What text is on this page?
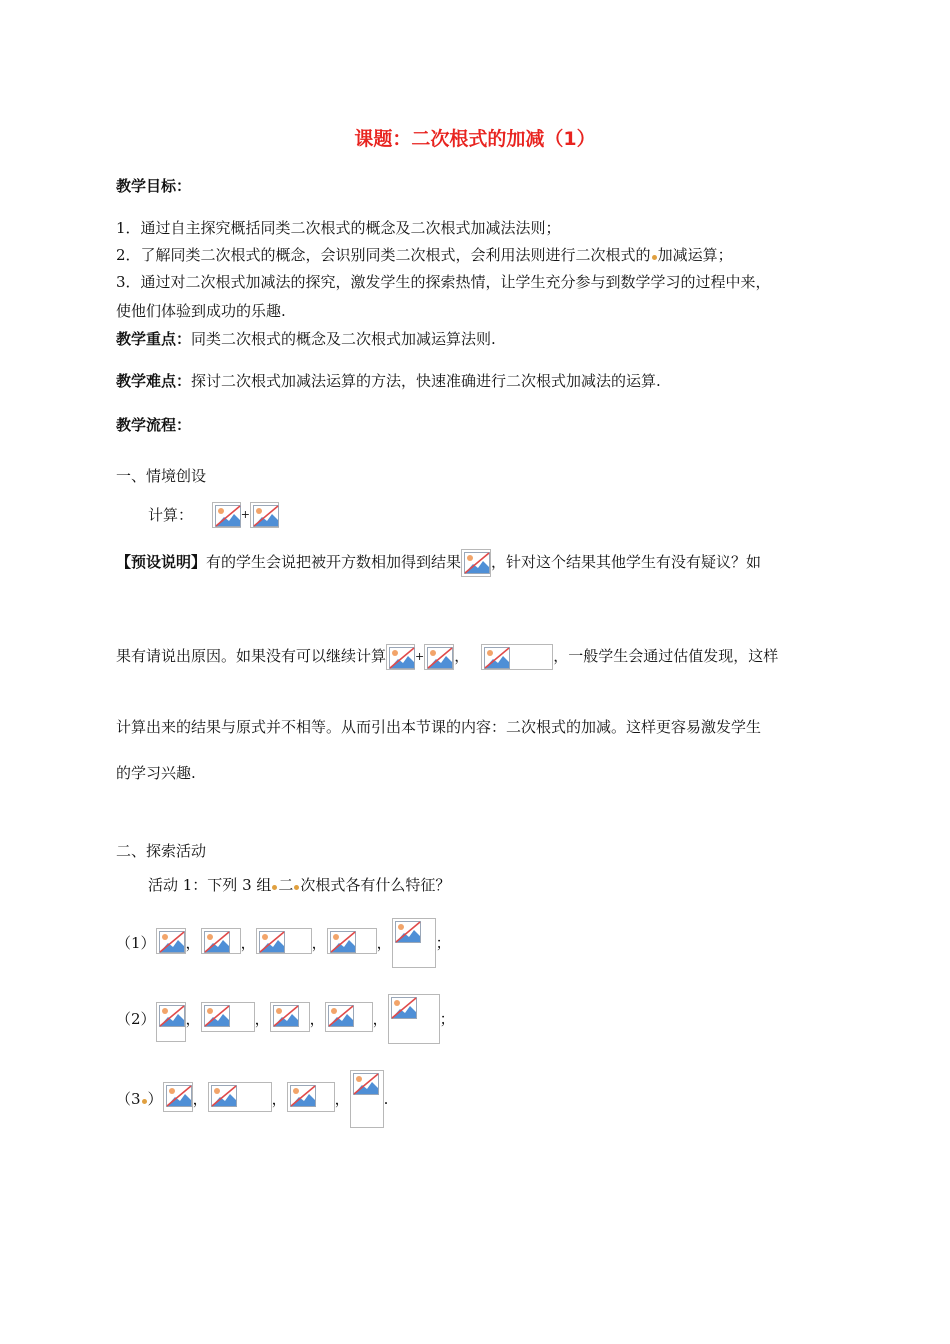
课题：二次根式的加减（1）
教学目标：
1．通过自主探究概括同类二次根式的概念及二次根式加减法法则；
2．了解同类二次根式的概念，会识别同类二次根式，会利用法则进行二次根式的 加减运算；
3．通过对二次根式加减法的探究，激发学生的探索热情，让学生充分参与到数学学习的过程中来，
使他们体验到成功的乐趣.
教学重点：同类二次根式的概念及二次根式加减运算法则.
教学难点：探讨二次根式加减法运算的方法，快速准确进行二次根式加减法的运算.
教学流程：
一、情境创设
计算：	+
【预设说明】有的学生会说把被开方数相加得到结果 ，针对这个结果其他学生有没有疑议？如
果有请说出原因。如果没有可以继续计算	+ ，	，一般学生会通过估值发现，这样
计算出来的结果与原式并不相等。从而引出本节课的内容：二次根式的加减。这样更容易激发学生
的学习兴趣.
二、探索活动
活动 1：下列 3 组 二 次根式各有什么特征？
（1） ，	，	，	，	；
（2） ，	，	，	，	；
（3 ） ，	，	， .
